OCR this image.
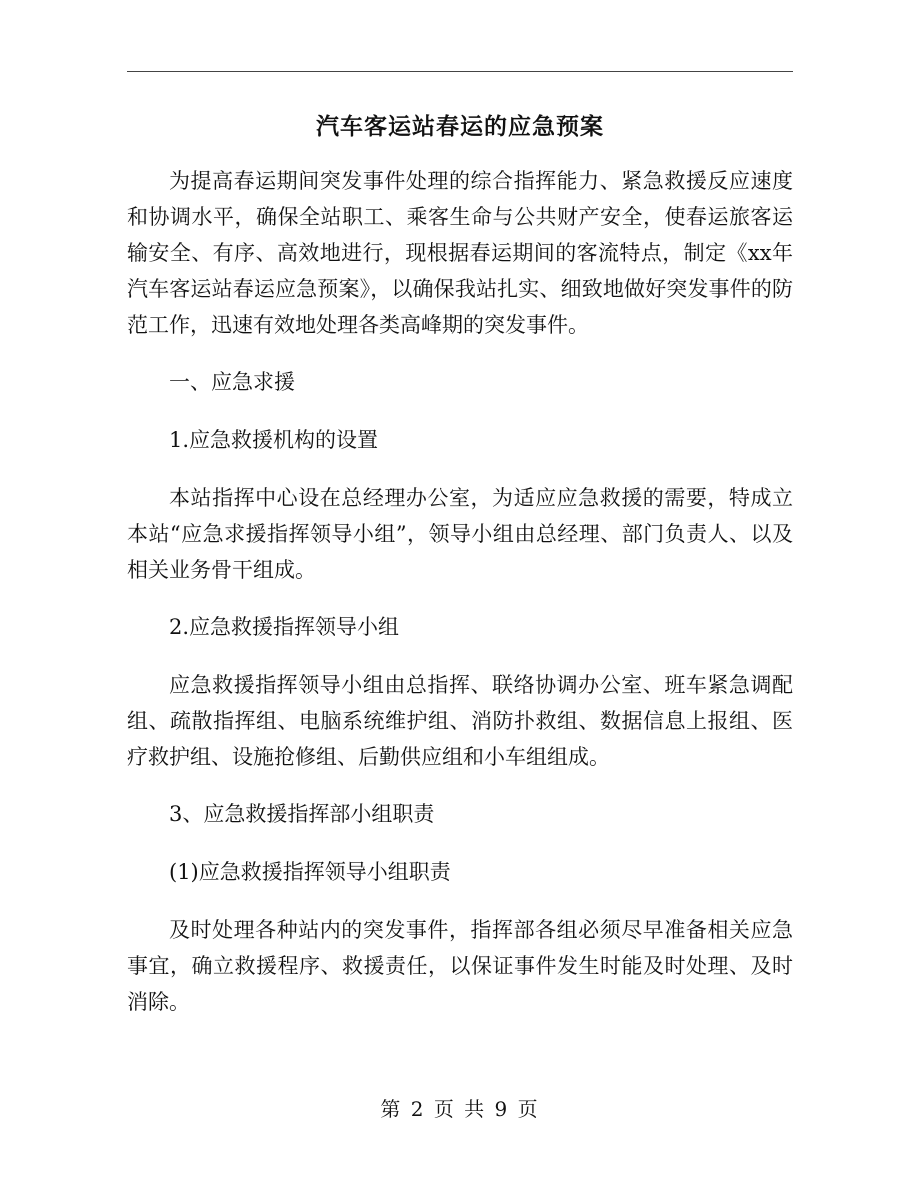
汽车客运站春运的应急预案

为提高春运期间突发事件处理的综合指挥能力、紧急救援反应速度和协调水平，确保全站职工、乘客生命与公共财产安全，使春运旅客运输安全、有序、高效地进行，现根据春运期间的客流特点，制定《xx年汽车客运站春运应急预案》，以确保我站扎实、细致地做好突发事件的防范工作，迅速有效地处理各类高峰期的突发事件。

一、应急求援

1.应急救援机构的设置

本站指挥中心设在总经理办公室，为适应应急救援的需要，特成立本站“应急求援指挥领导小组”，领导小组由总经理、部门负责人、以及相关业务骨干组成。

2.应急救援指挥领导小组

应急救援指挥领导小组由总指挥、联络协调办公室、班车紧急调配组、疏散指挥组、电脑系统维护组、消防扑救组、数据信息上报组、医疗救护组、设施抢修组、后勤供应组和小车组组成。

3、应急救援指挥部小组职责

(1)应急救援指挥领导小组职责

及时处理各种站内的突发事件，指挥部各组必须尽早准备相关应急事宜，确立救援程序、救援责任，以保证事件发生时能及时处理、及时消除。

第 2 页 共 9 页
